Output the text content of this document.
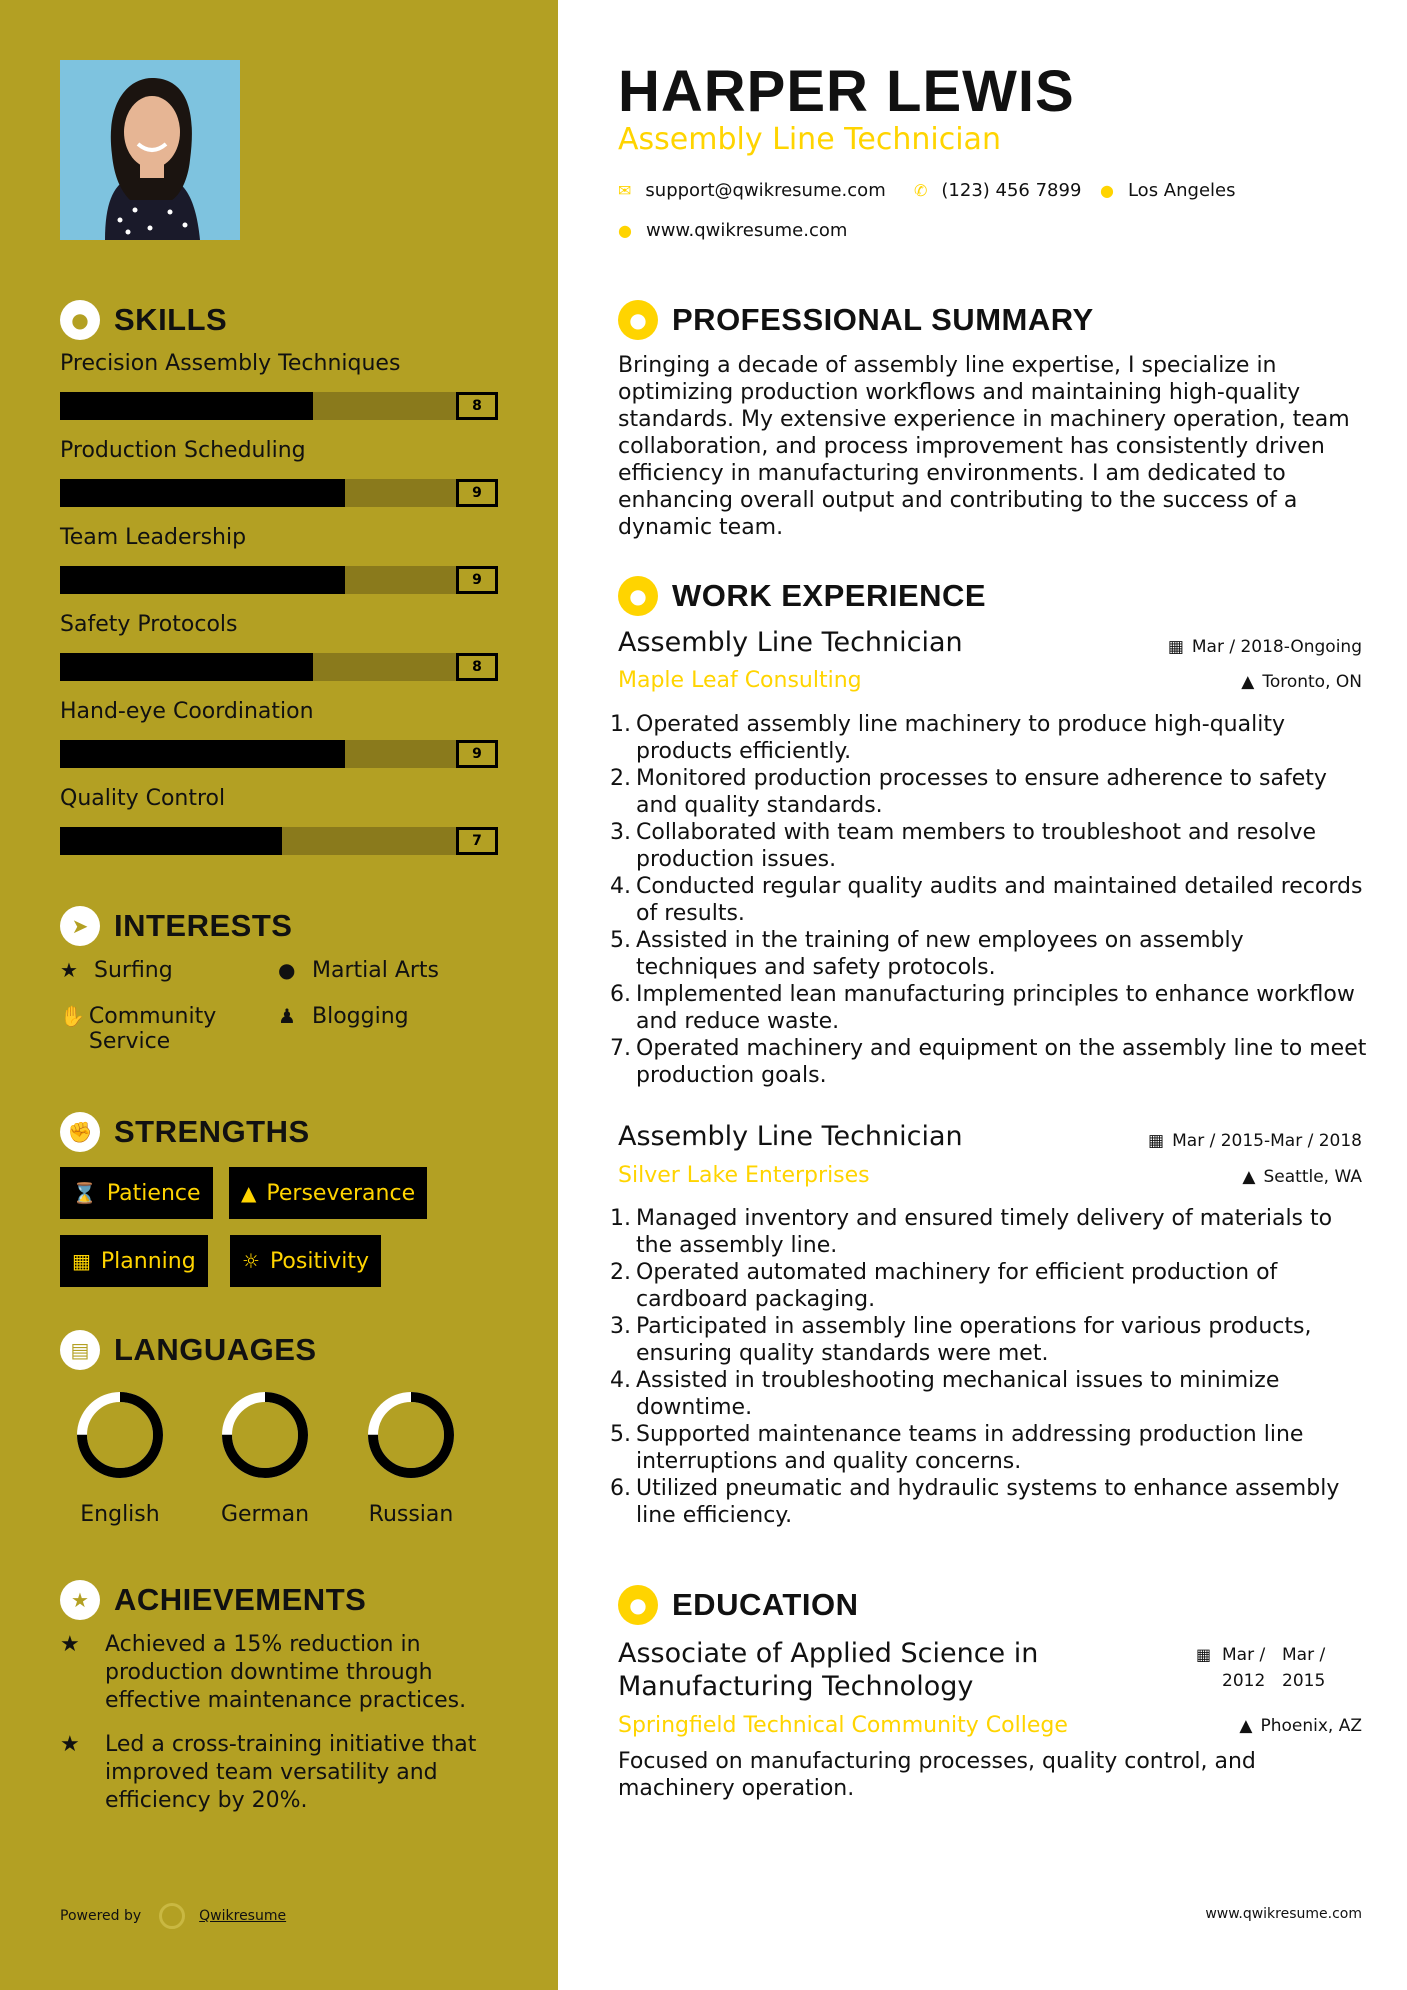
● SKILLS
Precision Assembly Techniques
8
Production Scheduling
9
Team Leadership
9
Safety Protocols
8
Hand-eye Coordination
9
Quality Control
7
➤ INTERESTS
★ Surfing	● Martial Arts
✋ Community Service
♟ Blogging
✊ STRENGTHS
⌛ Patience ▲ Perseverance
▦ Planning ☼ Positivity
▤ LANGUAGES
English	German	Russian
★ ACHIEVEMENTS
★	Achieved a 15% reduction in production downtime through effective maintenance practices.
★	Led a cross-training initiative that improved team versatility and efficiency by 20%.
Powered by	Qwikresume
HARPER LEWIS
Assembly Line Technician
✉ support@qwikresume.com ✆ (123) 456 7899 ● Los Angeles
● www.qwikresume.com
● PROFESSIONAL SUMMARY
Bringing a decade of assembly line expertise, I specialize in optimizing production workflows and maintaining high-quality standards. My extensive experience in machinery operation, team collaboration, and process improvement has consistently driven efficiency in manufacturing environments. I am dedicated to enhancing overall output and contributing to the success of a dynamic team.
● WORK EXPERIENCE
Assembly Line Technician	▦ Mar / 2018-Ongoing
Maple Leaf Consulting	▲ Toronto, ON
1. Operated assembly line machinery to produce high-quality products efficiently.
2. Monitored production processes to ensure adherence to safety and quality standards.
3. Collaborated with team members to troubleshoot and resolve production issues.
4. Conducted regular quality audits and maintained detailed records of results.
5. Assisted in the training of new employees on assembly techniques and safety protocols.
6. Implemented lean manufacturing principles to enhance workflow and reduce waste.
7. Operated machinery and equipment on the assembly line to meet production goals.
Assembly Line Technician	▦ Mar / 2015-Mar / 2018
Silver Lake Enterprises	▲ Seattle, WA
1. Managed inventory and ensured timely delivery of materials to the assembly line.
2. Operated automated machinery for efficient production of cardboard packaging.
3. Participated in assembly line operations for various products, ensuring quality standards were met.
4. Assisted in troubleshooting mechanical issues to minimize downtime.
5. Supported maintenance teams in addressing production line interruptions and quality concerns.
6. Utilized pneumatic and hydraulic systems to enhance assembly line efficiency.
● EDUCATION
Associate of Applied Science in Manufacturing Technology
▦ Mar / 2012
Mar / 2015
Springfield Technical Community College	▲ Phoenix, AZ
Focused on manufacturing processes, quality control, and machinery operation.
www.qwikresume.com
